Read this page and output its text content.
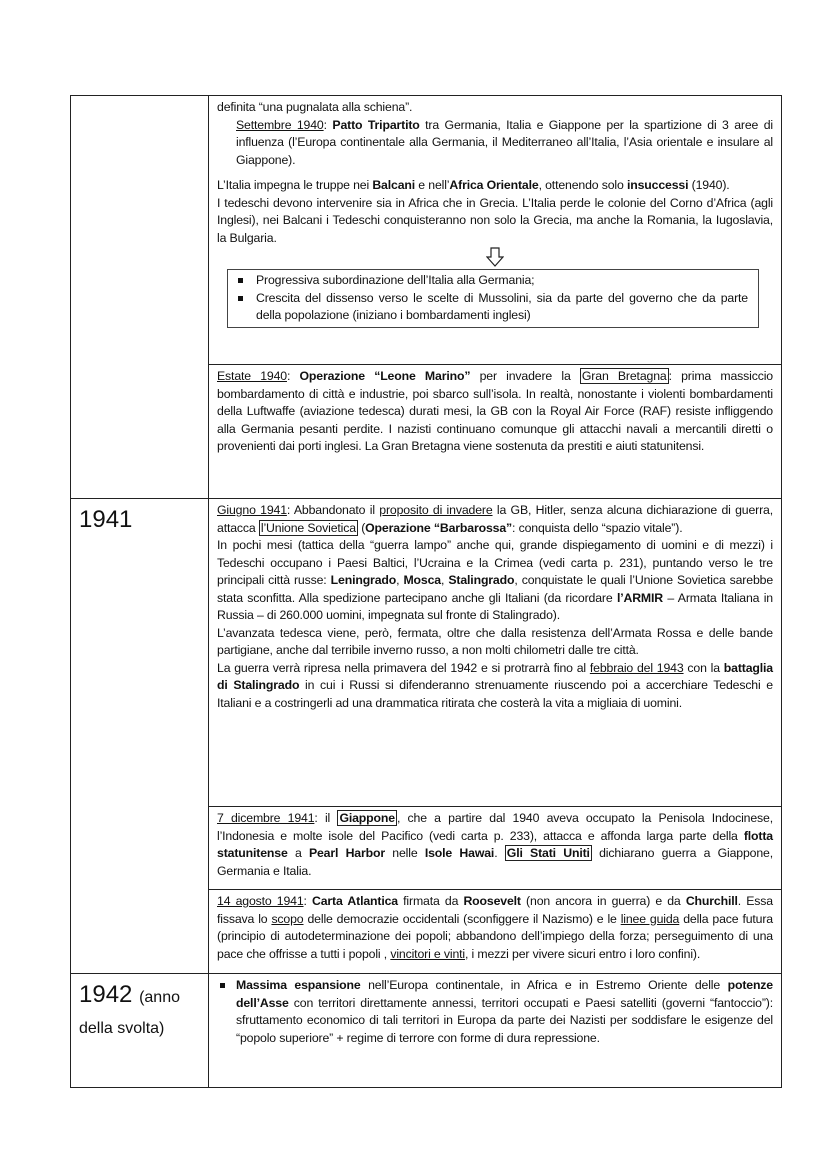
definita “una pugnalata alla schiena”.

Settembre 1940: Patto Tripartito tra Germania, Italia e Giappone per la spartizione di 3 aree di influenza (l’Europa continentale alla Germania, il Mediterraneo all’Italia, l’Asia orientale e insulare al Giappone).

L’Italia impegna le truppe nei Balcani e nell’Africa Orientale, ottenendo solo insuccessi (1940).

I tedeschi devono intervenire sia in Africa che in Grecia. L’Italia perde le colonie del Corno d’Africa (agli Inglesi), nei Balcani i Tedeschi conquisteranno non solo la Grecia, ma anche la Romania, la Iugoslavia, la Bulgaria.

Progressiva subordinazione dell’Italia alla Germania;
Crescita del dissenso verso le scelte di Mussolini, sia da parte del governo che da parte della popolazione (iniziano i bombardamenti inglesi)

Estate 1940: Operazione “Leone Marino” per invadere la Gran Bretagna : prima massiccio bombardamento di città e industrie, poi sbarco sull’isola. In realtà, nonostante i violenti bombardamenti della Luftwaffe (aviazione tedesca) durati mesi, la GB con la Royal Air Force (RAF) resiste infliggendo alla Germania pesanti perdite. I nazisti continuano comunque gli attacchi navali a mercantili diretti o provenienti dai porti inglesi. La Gran Bretagna viene sostenuta da prestiti e aiuti statunitensi.

1941	Giugno 1941: Abbandonato il proposito di invadere la GB, Hitler, senza alcuna dichiarazione di guerra, attacca l’Unione Sovietica (Operazione “Barbarossa”: conquista dello “spazio vitale”).

In pochi mesi (tattica della “guerra lampo” anche qui, grande dispiegamento di uomini e di mezzi) i Tedeschi occupano i Paesi Baltici, l’Ucraina e la Crimea (vedi carta p. 231), puntando verso le tre principali città russe: Leningrado, Mosca, Stalingrado, conquistate le quali l’Unione Sovietica sarebbe stata sconfitta. Alla spedizione partecipano anche gli Italiani (da ricordare l’ARMIR – Armata Italiana in Russia – di 260.000 uomini, impegnata sul fronte di Stalingrado).

L’avanzata tedesca viene, però, fermata, oltre che dalla resistenza dell’Armata Rossa e delle bande partigiane, anche dal terribile inverno russo, a non molti chilometri dalle tre città.

La guerra verrà ripresa nella primavera del 1942 e si protrarrà fino al febbraio del 1943 con la battaglia di Stalingrado in cui i Russi si difenderanno strenuamente riuscendo poi a accerchiare Tedeschi e Italiani e a costringerli ad una drammatica ritirata che costerà la vita a migliaia di uomini.

7 dicembre 1941: il Giappone , che a partire dal 1940 aveva occupato la Penisola Indocinese, l’Indonesia e molte isole del Pacifico (vedi carta p. 233), attacca e affonda larga parte della flotta statunitense a Pearl Harbor nelle Isole Hawai. Gli Stati Uniti dichiarano guerra a Giappone, Germania e Italia.

14 agosto 1941: Carta Atlantica firmata da Roosevelt (non ancora in guerra) e da Churchill. Essa fissava lo scopo delle democrazie occidentali (sconfiggere il Nazismo) e le linee guida della pace futura (principio di autodeterminazione dei popoli; abbandono dell’impiego della forza; perseguimento di una pace che offrisse a tutti i popoli , vincitori e vinti, i mezzi per vivere sicuri entro i loro confini).

1942 (anno della svolta)
Massima espansione nell’Europa continentale, in Africa e in Estremo Oriente delle potenze dell’Asse con territori direttamente annessi, territori occupati e Paesi satelliti (governi “fantoccio”): sfruttamento economico di tali territori in Europa da parte dei Nazisti per soddisfare le esigenze del “popolo superiore” + regime di terrore con forme di dura repressione.
